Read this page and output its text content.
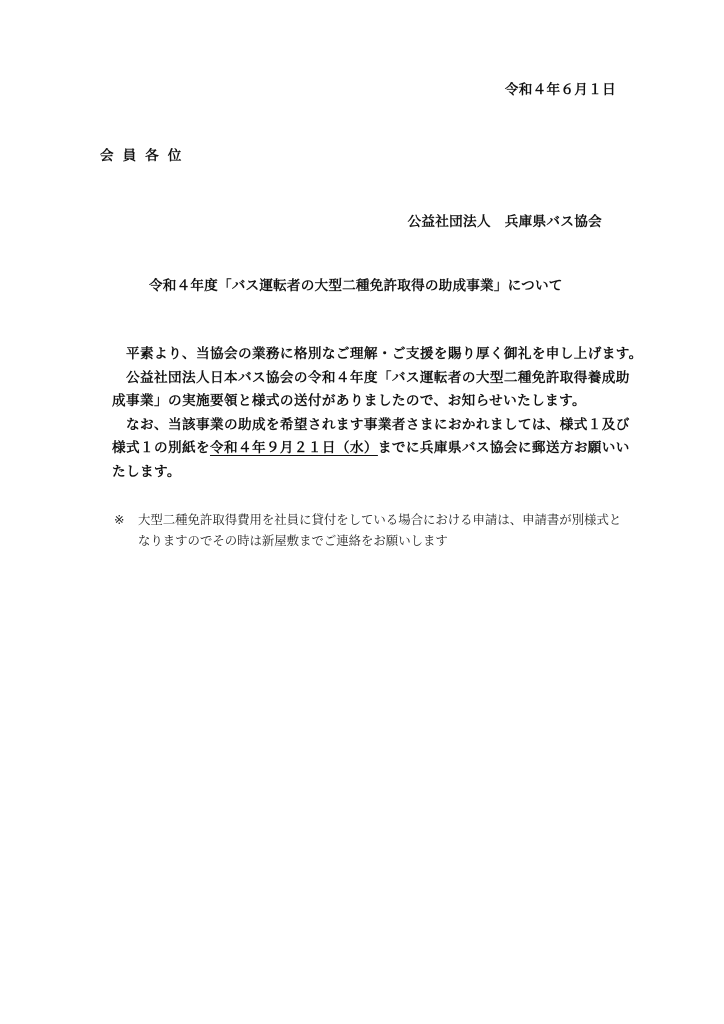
令和４年６月１日
会員各位
公益社団法人　兵庫県バス協会
令和４年度「バス運転者の大型二種免許取得の助成事業」について
平素より、当協会の業務に格別なご理解・ご支援を賜り厚く御礼を申し上げます。
公益社団法人日本バス協会の令和４年度「バス運転者の大型二種免許取得養成助
成事業」の実施要領と様式の送付がありましたので、お知らせいたします。
なお、当該事業の助成を希望されます事業者さまにおかれましては、様式１及び
様式１の別紙を令和４年９月２１日（水）までに兵庫県バス協会に郵送方お願いい
たします。
※ 大型二種免許取得費用を社員に貸付をしている場合における申請は、申請書が別様式と
なりますのでその時は新屋敷までご連絡をお願いします
